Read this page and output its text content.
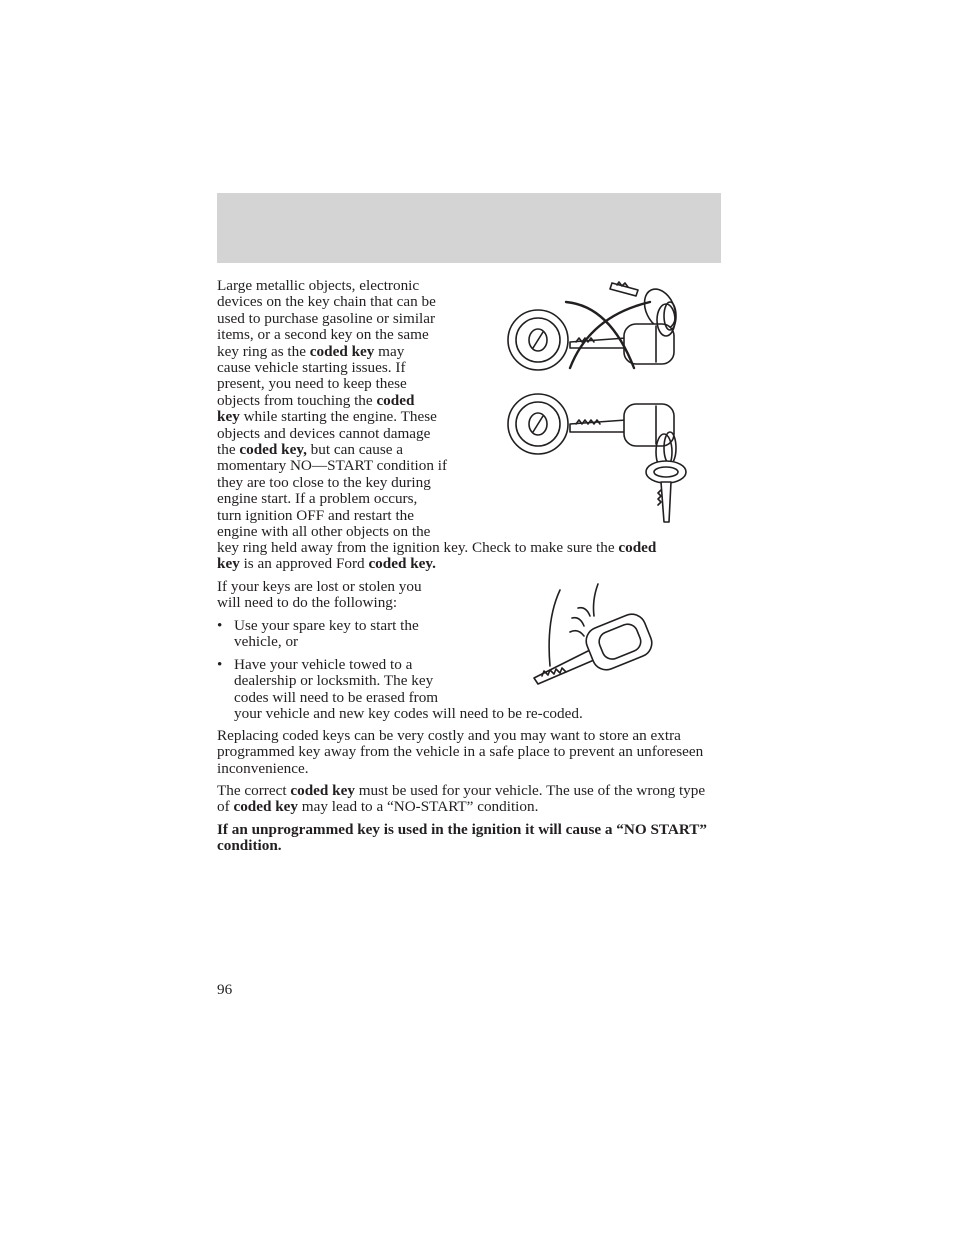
Large metallic objects, electronic
devices on the key chain that can be
used to purchase gasoline or similar
items, or a second key on the same
key ring as the coded key may
cause vehicle starting issues. If
present, you need to keep these
objects from touching the coded
key while starting the engine. These
objects and devices cannot damage
the coded key, but can cause a
momentary NO—START condition if
they are too close to the key during
engine start. If a problem occurs,
turn ignition OFF and restart the
engine with all other objects on the
key ring held away from the ignition key. Check to make sure the coded
key is an approved Ford coded key.
If your keys are lost or stolen you
will need to do the following:
• Use your spare key to start the
vehicle, or
• Have your vehicle towed to a
dealership or locksmith. The key
codes will need to be erased from
your vehicle and new key codes will need to be re-coded.

Replacing coded keys can be very costly and you may want to store an extra programmed key away from the vehicle in a safe place to prevent an unforeseen inconvenience.

The correct coded key must be used for your vehicle. The use of the wrong type of coded key may lead to a “NO-START” condition.

If an unprogrammed key is used in the ignition it will cause a “NO START” condition.

96
